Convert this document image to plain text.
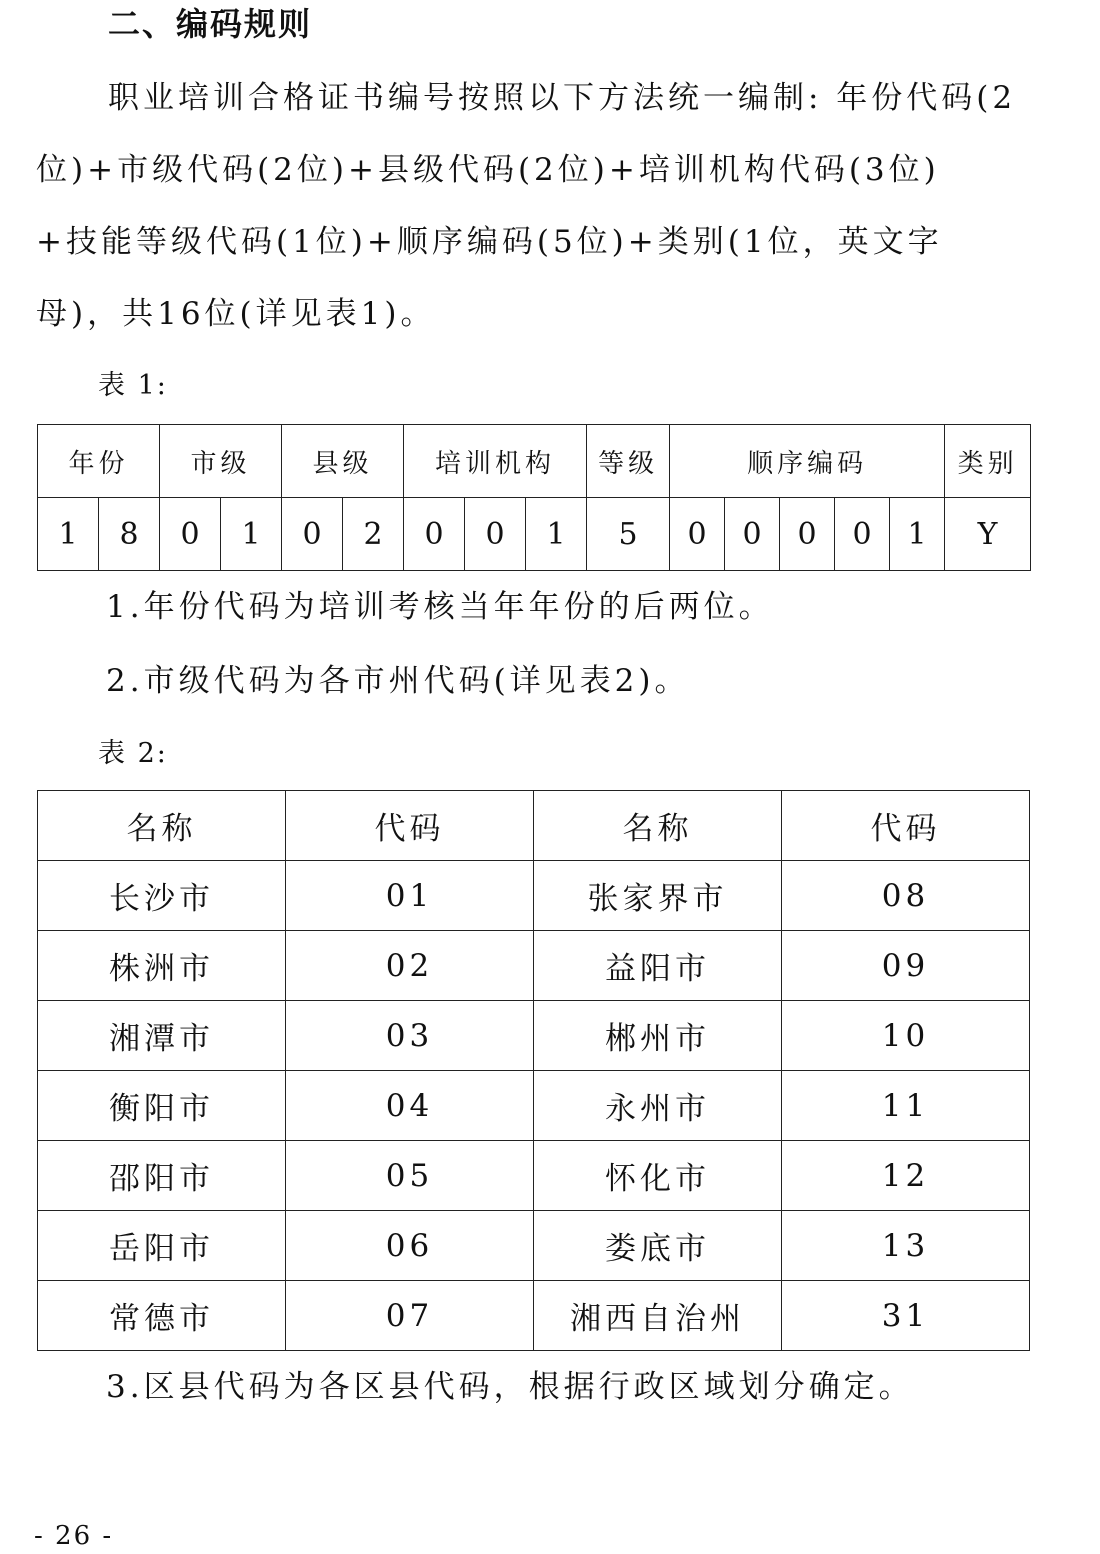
二、编码规则
职业培训合格证书编号按照以下方法统一编制: 年份代码(2
位)+市级代码(2位)+县级代码(2位)+培训机构代码(3位)
+技能等级代码(1位)+顺序编码(5位)+类别(1位，英文字
母)，共16位(详见表1)。

表 1:

年份		市级		县级		培训机构			等级	顺序编码					类别
1	8	0	1	0	2	0	0	1	5	0	0	0	0	1	Y

1.年份代码为培训考核当年年份的后两位。

2.市级代码为各市州代码(详见表2)。

表 2:

名称	代码	名称	代码
长沙市	01	张家界市	08
株洲市	02	益阳市	09
湘潭市	03	郴州市	10
衡阳市	04	永州市	11
邵阳市	05	怀化市	12
岳阳市	06	娄底市	13
常德市	07	湘西自治州	31

3.区县代码为各区县代码，根据行政区域划分确定。

- 26 -
